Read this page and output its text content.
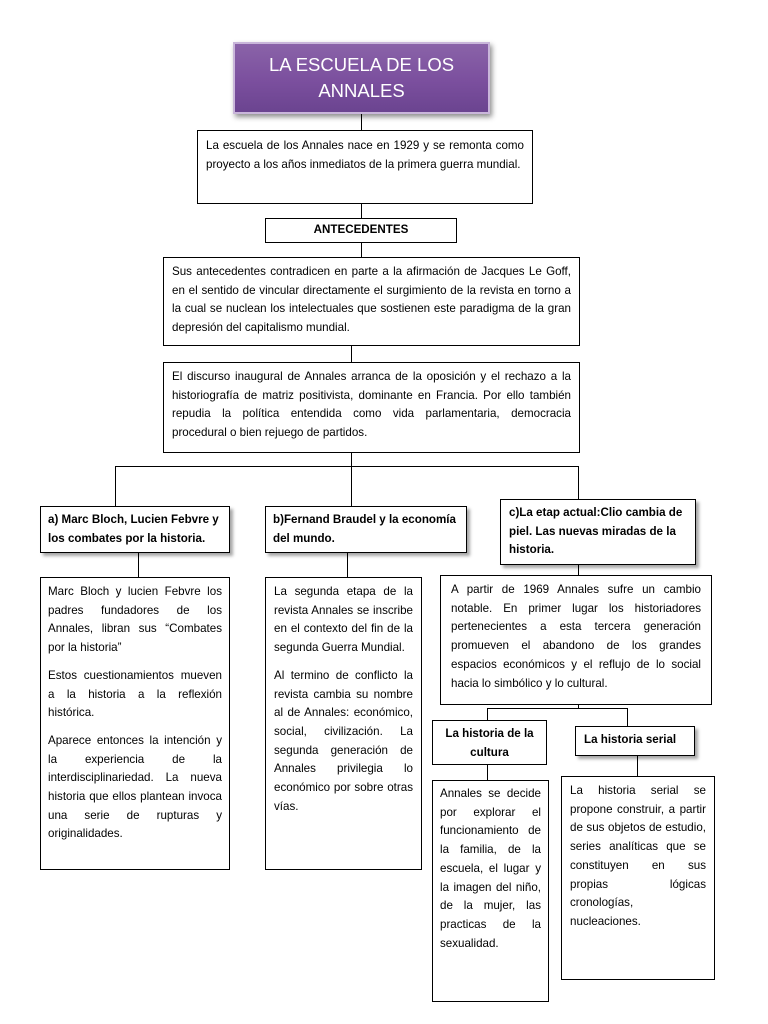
LA ESCUELA DE LOS ANNALES

La escuela de los Annales nace en 1929 y se remonta como proyecto a los años inmediatos de la primera guerra mundial.

ANTECEDENTES

Sus antecedentes contradicen en parte a la afirmación de Jacques Le Goff, en el sentido de vincular directamente el surgimiento de la revista en torno a la cual se nuclean los intelectuales que sostienen este paradigma de la gran depresión del capitalismo mundial.

El discurso inaugural de Annales arranca de la oposición y el rechazo a la historiografía de matriz positivista, dominante en Francia. Por ello también repudia la política entendida como vida parlamentaria, democracia procedural o bien rejuego de partidos.

a) Marc Bloch, Lucien Febvre y los combates por la historia.

b)Fernand Braudel y la economía del mundo.

c)La etap actual:Clio cambia de piel. Las nuevas miradas de la historia.

Marc Bloch y lucien Febvre los padres fundadores de los Annales, libran sus “Combates por la historia”

Estos cuestionamientos mueven a la historia a la reflexión histórica.

Aparece entonces la intención y la experiencia de la interdisciplinariedad. La nueva historia que ellos plantean invoca una serie de rupturas y originalidades.

La segunda etapa de la revista Annales se inscribe en el contexto del fin de la segunda Guerra Mundial.

Al termino de conflicto la revista cambia su nombre al de Annales: económico, social, civilización. La segunda generación de Annales privilegia lo económico por sobre otras vías.

A partir de 1969 Annales sufre un cambio notable. En primer lugar los historiadores pertenecientes a esta tercera generación promueven el abandono de los grandes espacios económicos y el reflujo de lo social hacia lo simbólico y lo cultural.

La historia de la cultura

La historia serial

Annales se decide por explorar el funcionamiento de la familia, de la escuela, el lugar y la imagen del niño, de la mujer, las practicas de la sexualidad.

La historia serial se propone construir, a partir de sus objetos de estudio, series analíticas que se constituyen en sus propias lógicas cronologías, nucleaciones.
